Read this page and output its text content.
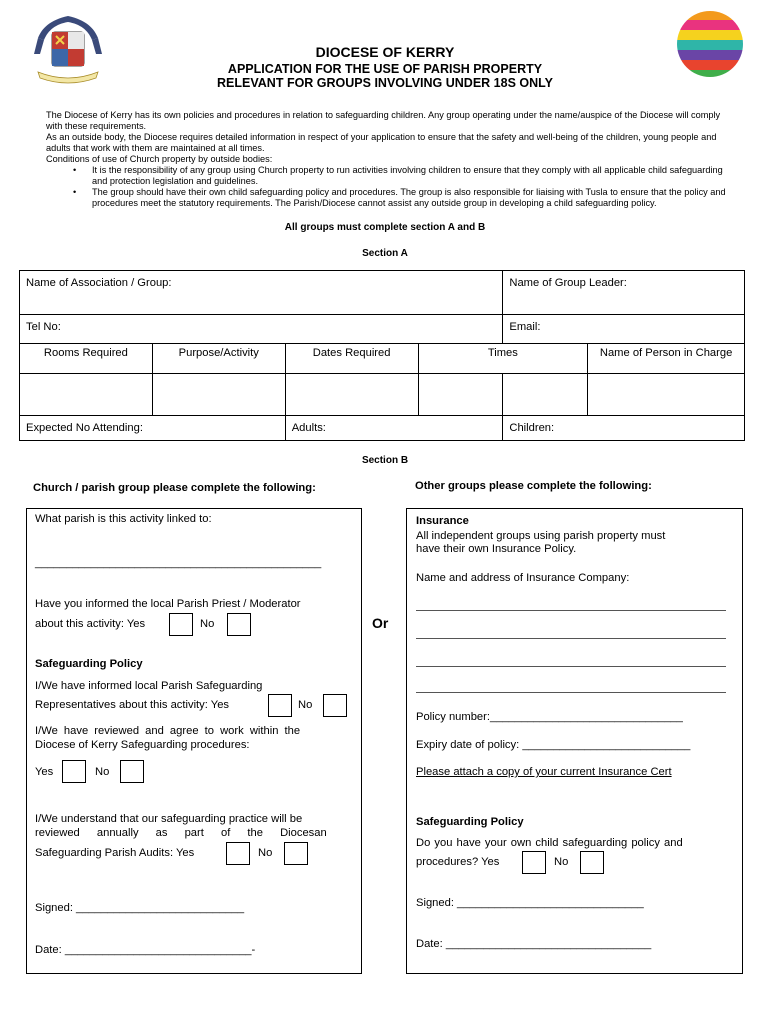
DIOCESE OF KERRY
APPLICATION FOR THE USE OF PARISH PROPERTY
RELEVANT FOR GROUPS INVOLVING UNDER 18S ONLY

The Diocese of Kerry has its own policies and procedures in relation to safeguarding children. Any group operating under the name/auspice of the Diocese will comply with these requirements.

As an outside body, the Diocese requires detailed information in respect of your application to ensure that the safety and well-being of the children, young people and adults that work with them are maintained at all times.

Conditions of use of Church property by outside bodies:

• It is the responsibility of any group using Church property to run activities involving children to ensure that they comply with all applicable child safeguarding and protection legislation and guidelines.
• The group should have their own child safeguarding policy and procedures. The group is also responsible for liaising with Tusla to ensure that the policy and procedures meet the statutory requirements. The Parish/Diocese cannot assist any outside group in developing a child safeguarding policy.
All groups must complete section A and B
Section A
Name of Association / Group:				Name of Group Leader:	
Tel No:				Email:	
Rooms Required	Purpose/Activity	Dates Required	Times		Name of Person in Charge

Expected No Attending:		Adults:		Children:	
Section B
Church / parish group please complete the following:	Other groups please complete the following:
Or
What parish is this activity linked to:
______________________________________________
Have you informed the local Parish Priest / Moderator
about this activity: Yes	No
Safeguarding Policy
I/We have informed local Parish Safeguarding
Representatives about this activity: Yes	No
I/We have reviewed and agree to work within the
Diocese of Kerry Safeguarding procedures:
Yes	No
I/We understand that our safeguarding practice will be
reviewed annually as part of the Diocesan
Safeguarding Parish Audits: Yes	No
Signed: ___________________________
Date: ______________________________-
Insurance
All independent groups using parish property must
have their own Insurance Policy.
Name and address of Insurance Company:
Policy number:_______________________________
Expiry date of policy: ___________________________
Please attach a copy of your current Insurance Cert
Safeguarding Policy
Do you have your own child safeguarding policy and
procedures? Yes	No
Signed: ______________________________
Date: _________________________________
